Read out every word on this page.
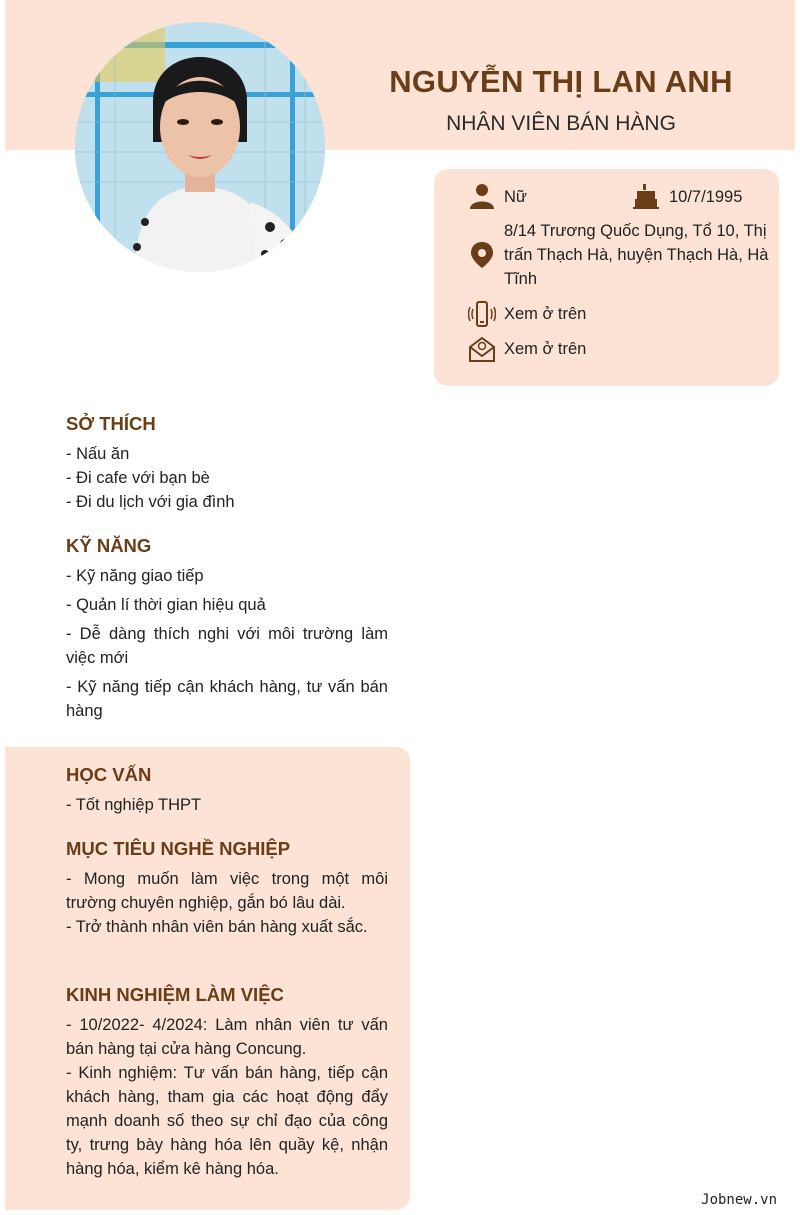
NGUYỄN THỊ LAN ANH
NHÂN VIÊN BÁN HÀNG
Nữ	10/7/1995
8/14 Trương Quốc Dụng, Tổ 10, Thị trấn Thạch Hà, huyện Thạch Hà, Hà Tĩnh
Xem ở trên
Xem ở trên
SỞ THÍCH

- Nấu ăn

- Đi cafe với bạn bè

- Đi du lịch với gia đình

KỸ NĂNG

- Kỹ năng giao tiếp

- Quản lí thời gian hiệu quả

- Dễ dàng thích nghi với môi trường làm việc mới

- Kỹ năng tiếp cận khách hàng, tư vấn bán hàng

HỌC VẤN

- Tốt nghiệp THPT

MỤC TIÊU NGHỀ NGHIỆP

- Mong muốn làm việc trong một môi trường chuyên nghiệp, gắn bó lâu dài.

- Trở thành nhân viên bán hàng xuất sắc.

KINH NGHIỆM LÀM VIỆC

- 10/2022- 4/2024: Làm nhân viên tư vấn bán hàng tại cửa hàng Concung.

- Kinh nghiệm: Tư vấn bán hàng, tiếp cận khách hàng, tham gia các hoạt động đẩy mạnh doanh số theo sự chỉ đạo của công ty, trưng bày hàng hóa lên quầy kệ, nhận hàng hóa, kiểm kê hàng hóa.

Jobnew.vn
